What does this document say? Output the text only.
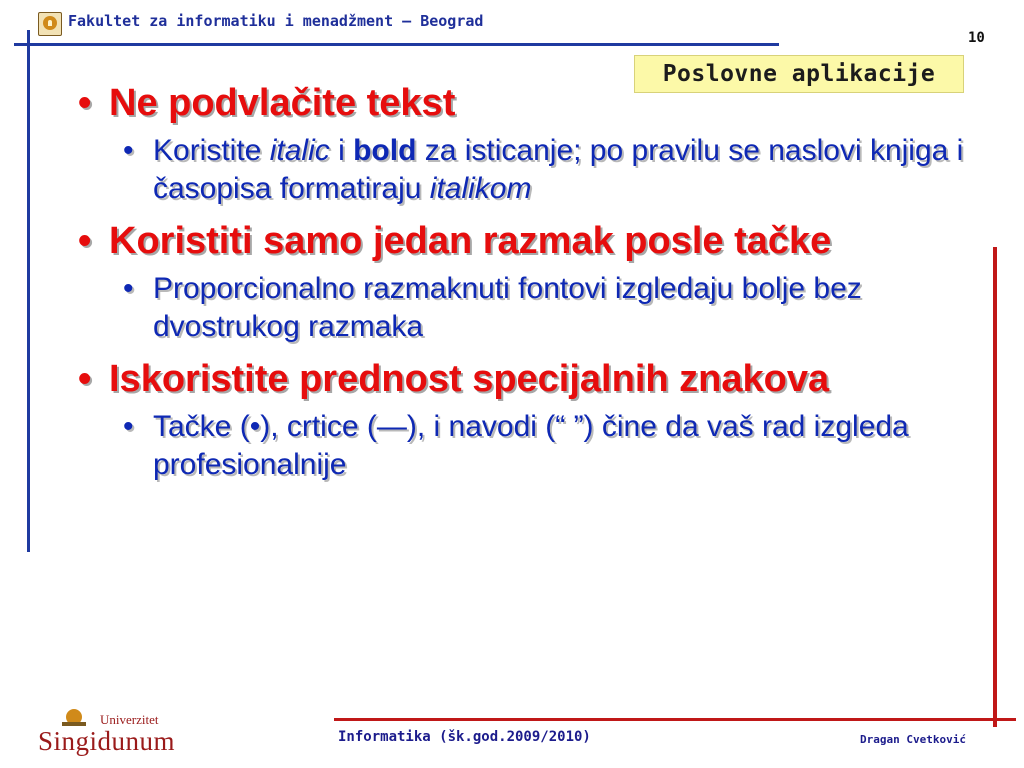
Fakultet za informatiku i menadžment – Beograd
10
Poslovne aplikacije
• Ne podvlačite tekst
• Koristite italic i bold za isticanje; po pravilu se naslovi knjiga i časopisa formatiraju italikom
• Koristiti samo jedan razmak posle tačke
• Proporcionalno razmaknuti fontovi izgledaju bolje bez dvostrukog razmaka
• Iskoristite prednost specijalnih znakova
• Tačke (•), crtice (—), i navodi (“ ”) čine da vaš rad izgleda profesionalnije
Univerzitet
Singidunum	Informatika (šk.god.2009/2010)	Dragan Cvetković
